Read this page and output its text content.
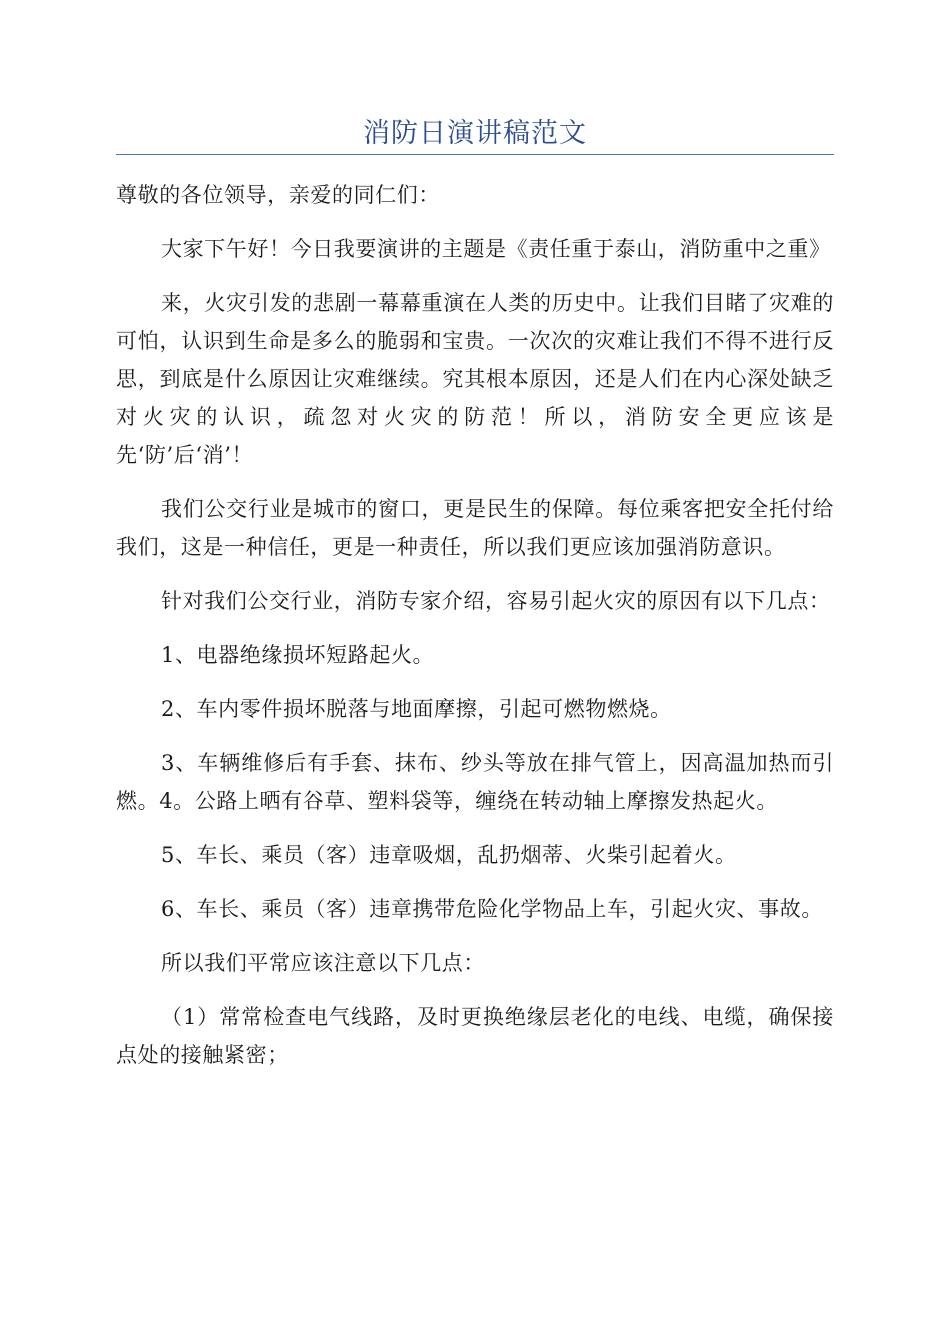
消防日演讲稿范文

尊敬的各位领导，亲爱的同仁们：

大家下午好！今日我要演讲的主题是《责任重于泰山，消防重中之重》

来，火灾引发的悲剧一幕幕重演在人类的历史中。让我们目睹了灾难的可怕，认识到生命是多么的脆弱和宝贵。一次次的灾难让我们不得不进行反思，到底是什么原因让灾难继续。究其根本原因，还是人们在内心深处缺乏对火灾的认识，疏忽对火灾的防范！所以，消防安全更应该是先‘防’后‘消’！

我们公交行业是城市的窗口，更是民生的保障。每位乘客把安全托付给我们，这是一种信任，更是一种责任，所以我们更应该加强消防意识。

针对我们公交行业，消防专家介绍，容易引起火灾的原因有以下几点：

1、电器绝缘损坏短路起火。

2、车内零件损坏脱落与地面摩擦，引起可燃物燃烧。

3、车辆维修后有手套、抹布、纱头等放在排气管上，因高温加热而引燃。4。公路上晒有谷草、塑料袋等，缠绕在转动轴上摩擦发热起火。

5、车长、乘员（客）违章吸烟，乱扔烟蒂、火柴引起着火。

6、车长、乘员（客）违章携带危险化学物品上车，引起火灾、事故。

所以我们平常应该注意以下几点：

（1）常常检查电气线路，及时更换绝缘层老化的电线、电缆，确保接点处的接触紧密；
